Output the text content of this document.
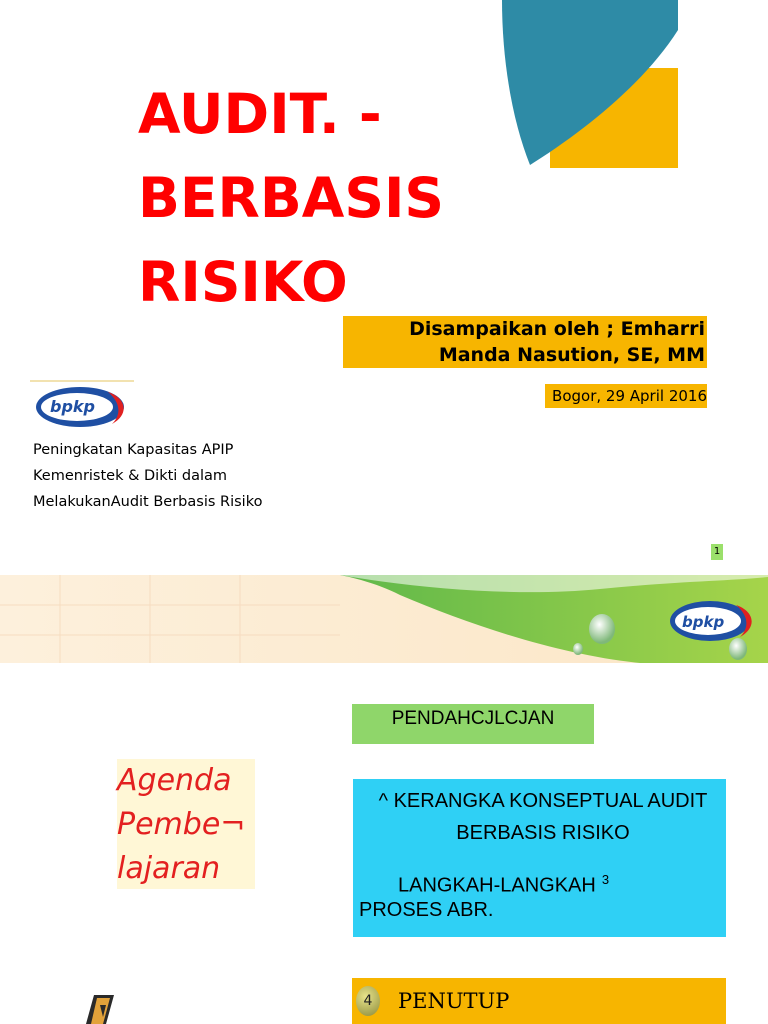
AUDIT. -
BERBASIS
RISIKO
Disampaikan oleh ; Emharri
Manda Nasution, SE, MM
Bogor, 29 April 2016
bpkp
Peningkatan Kapasitas APIP
Kemenristek & Dikti dalam
MelakukanAudit Berbasis Risiko
1
bpkp
PENDAHCJLCJAN
Agenda
Pembe¬
lajaran
^ KERANGKA KONSEPTUAL AUDIT
BERBASIS RISIKO
LANGKAH-LANGKAH $^3$
PROSES ABR.
4	PENUTUP
